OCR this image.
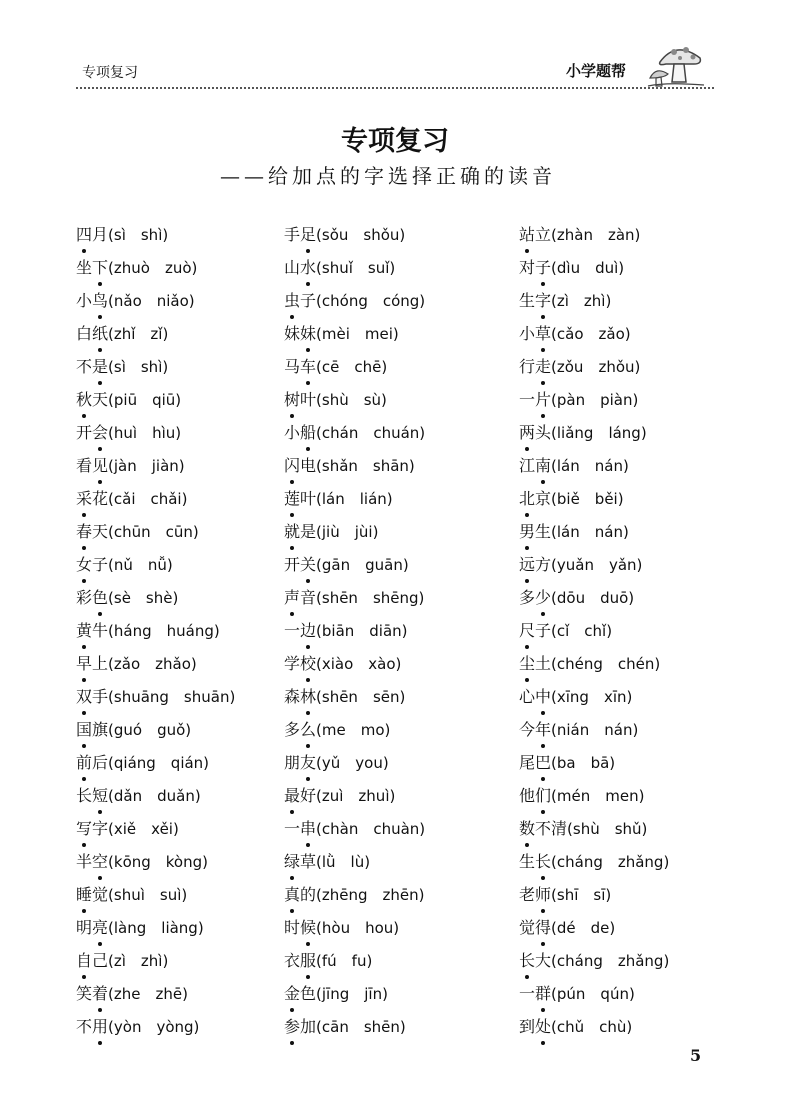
专项复习	小学题帮
专项复习
——给加点的字选择正确的读音
四月(sì　shì)
坐下(zhuò　zuò)
小鸟(nǎo　niǎo)
白纸(zhǐ　zǐ)
不是(sì　shì)
秋天(piū　qiū)
开会(huì　hìu)
看见(jàn　jiàn)
采花(cǎi　chǎi)
春天(chūn　cūn)
女子(nǔ　nǚ)
彩色(sè　shè)
黄牛(háng　huáng)
早上(zǎo　zhǎo)
双手(shuāng　shuān)
国旗(guó　guǒ)
前后(qiáng　qián)
长短(dǎn　duǎn)
写字(xiě　xěi)
半空(kōng　kòng)
睡觉(shuì　suì)
明亮(làng　liàng)
自己(zì　zhì)
笑着(zhe　zhē)
不用(yòn　yòng)
手足(sǒu　shǒu)
山水(shuǐ　suǐ)
虫子(chóng　cóng)
妹妹(mèi　mei)
马车(cē　chē)
树叶(shù　sù)
小船(chán　chuán)
闪电(shǎn　shān)
莲叶(lán　lián)
就是(jiù　jùi)
开关(gān　guān)
声音(shēn　shēng)
一边(biān　diān)
学校(xiào　xào)
森林(shēn　sēn)
多么(me　mo)
朋友(yǔ　you)
最好(zuì　zhuì)
一串(chàn　chuàn)
绿草(lǜ　lù)
真的(zhēng　zhēn)
时候(hòu　hou)
衣服(fú　fu)
金色(jīng　jīn)
参加(cān　shēn)
站立(zhàn　zàn)
对子(dìu　duì)
生字(zì　zhì)
小草(cǎo　zǎo)
行走(zǒu　zhǒu)
一片(pàn　piàn)
两头(liǎng　láng)
江南(lán　nán)
北京(biě　běi)
男生(lán　nán)
远方(yuǎn　yǎn)
多少(dōu　duō)
尺子(cǐ　chǐ)
尘土(chéng　chén)
心中(xīng　xīn)
今年(nián　nán)
尾巴(ba　bā)
他们(mén　men)
数不清(shù　shǔ)
生长(cháng　zhǎng)
老师(shī　sī)
觉得(dé　de)
长大(cháng　zhǎng)
一群(pún　qún)
到处(chǔ　chù)
5
